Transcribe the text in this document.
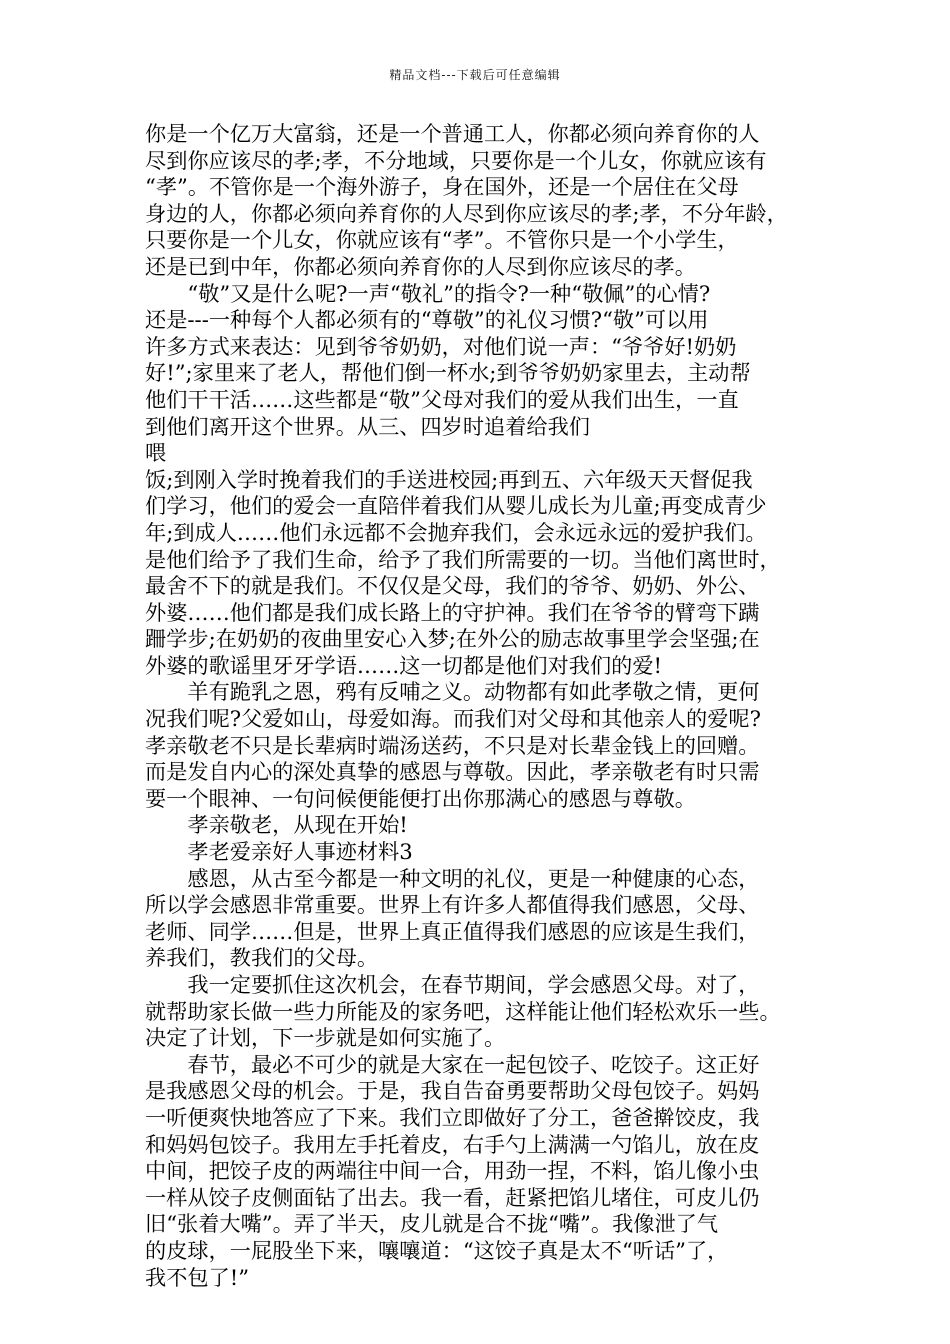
精品文档---下载后可任意编辑
你是一个亿万大富翁，还是一个普通工人，你都必须向养育你的人
尽到你应该尽的孝;孝，不分地域，只要你是一个儿女，你就应该有
“孝”。不管你是一个海外游子，身在国外，还是一个居住在父母
身边的人，你都必须向养育你的人尽到你应该尽的孝;孝，不分年龄，
只要你是一个儿女，你就应该有“孝”。不管你只是一个小学生，
还是已到中年，你都必须向养育你的人尽到你应该尽的孝。
　　“敬”又是什么呢?一声“敬礼”的指令?一种“敬佩”的心情?
还是---一种每个人都必须有的“尊敬”的礼仪习惯?“敬”可以用
许多方式来表达：见到爷爷奶奶，对他们说一声：“爷爷好!奶奶
好!”;家里来了老人，帮他们倒一杯水;到爷爷奶奶家里去，主动帮
他们干干活……这些都是“敬”父母对我们的爱从我们出生，一直
到他们离开这个世界。从三、四岁时追着给我们
喂
饭;到刚入学时挽着我们的手送进校园;再到五、六年级天天督促我
们学习，他们的爱会一直陪伴着我们从婴儿成长为儿童;再变成青少
年;到成人……他们永远都不会抛弃我们，会永远永远的爱护我们。
是他们给予了我们生命，给予了我们所需要的一切。当他们离世时，
最舍不下的就是我们。不仅仅是父母，我们的爷爷、奶奶、外公、
外婆……他们都是我们成长路上的守护神。我们在爷爷的臂弯下蹒
跚学步;在奶奶的夜曲里安心入梦;在外公的励志故事里学会坚强;在
外婆的歌谣里牙牙学语……这一切都是他们对我们的爱!
　　羊有跪乳之恩，鸦有反哺之义。动物都有如此孝敬之情，更何
况我们呢?父爱如山，母爱如海。而我们对父母和其他亲人的爱呢?
孝亲敬老不只是长辈病时端汤送药，不只是对长辈金钱上的回赠。
而是发自内心的深处真挚的感恩与尊敬。因此，孝亲敬老有时只需
要一个眼神、一句问候便能便打出你那满心的感恩与尊敬。
　　孝亲敬老，从现在开始!
　　孝老爱亲好人事迹材料3
　　感恩，从古至今都是一种文明的礼仪，更是一种健康的心态，
所以学会感恩非常重要。世界上有许多人都值得我们感恩，父母、
老师、同学……但是，世界上真正值得我们感恩的应该是生我们，
养我们，教我们的父母。
　　我一定要抓住这次机会，在春节期间，学会感恩父母。对了，
就帮助家长做一些力所能及的家务吧，这样能让他们轻松欢乐一些。
决定了计划，下一步就是如何实施了。
　　春节，最必不可少的就是大家在一起包饺子、吃饺子。这正好
是我感恩父母的机会。于是，我自告奋勇要帮助父母包饺子。妈妈
一听便爽快地答应了下来。我们立即做好了分工，爸爸擀饺皮，我
和妈妈包饺子。我用左手托着皮，右手勺上满满一勺馅儿，放在皮
中间，把饺子皮的两端往中间一合，用劲一捏，不料，馅儿像小虫
一样从饺子皮侧面钻了出去。我一看，赶紧把馅儿堵住，可皮儿仍
旧“张着大嘴”。弄了半天，皮儿就是合不拢“嘴”。我像泄了气
的皮球，一屁股坐下来，嚷嚷道：“这饺子真是太不“听话”了，
我不包了!”
